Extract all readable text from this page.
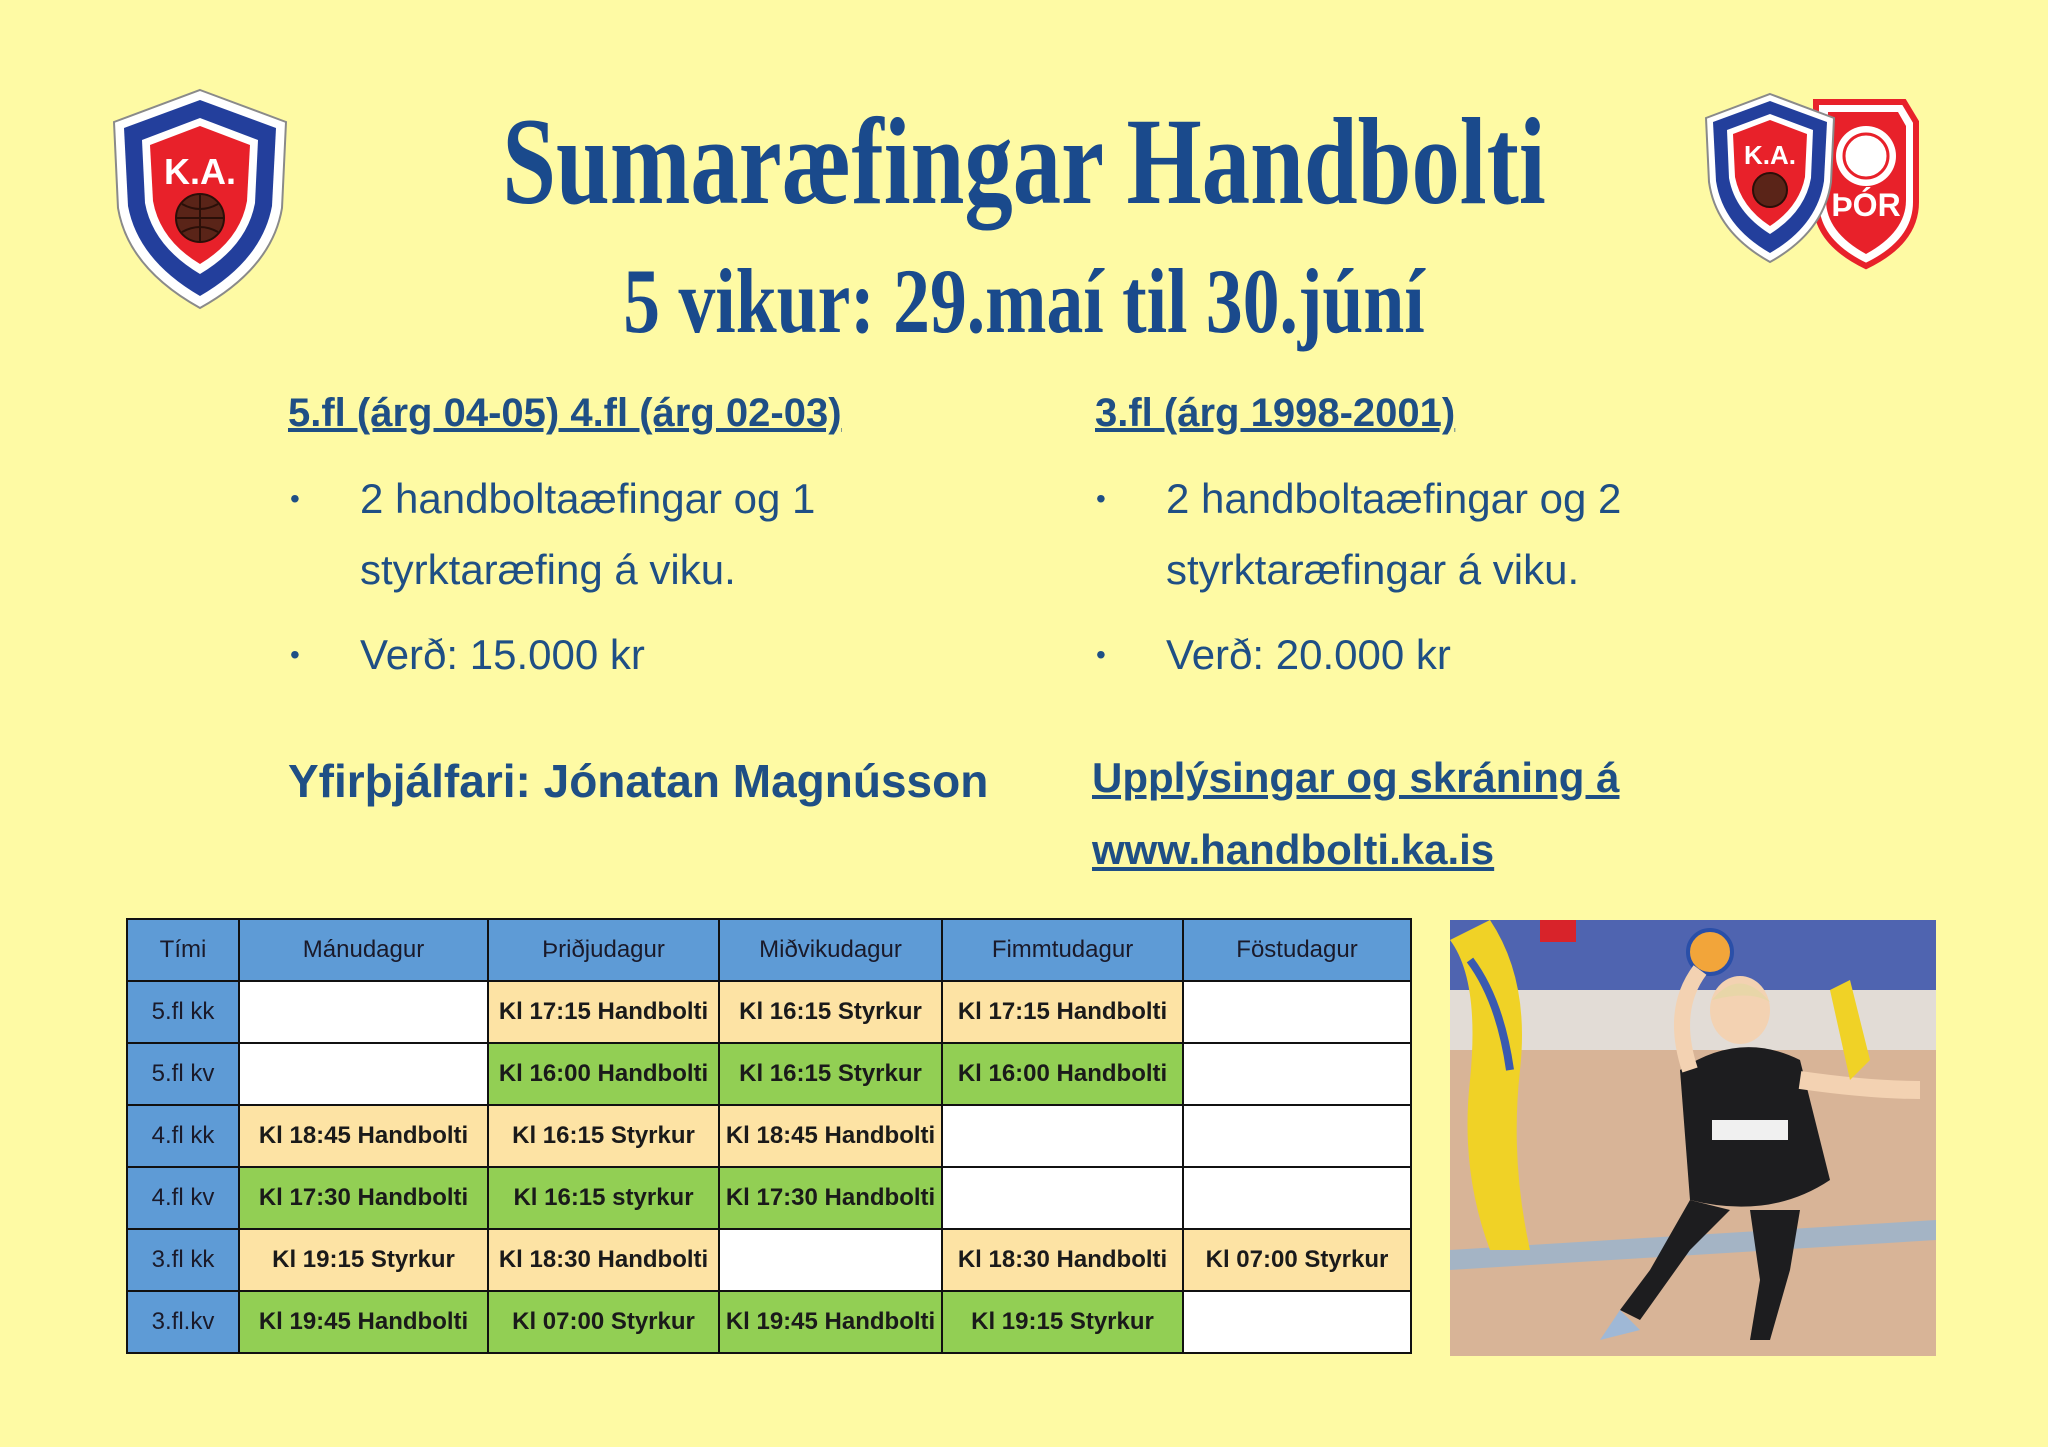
K.A.
ÞÓR
K.A.
Sumaræfingar Handbolti
5 vikur: 29.maí til 30.júní
5.fl (árg 04-05) 4.fl (árg 02-03)
• 2 handboltaæfingar og 1 styrktaræfing á viku.
• Verð: 15.000 kr
3.fl (árg 1998-2001)
• 2 handboltaæfingar og 2 styrktaræfingar á viku.
• Verð: 20.000 kr
Yfirþjálfari: Jónatan Magnússon Upplýsingar og skráning á
www.handbolti.ka.is
Tími	Mánudagur	Þriðjudagur	Miðvikudagur	Fimmtudagur	Föstudagur
5.fl kk		Kl 17:15 Handbolti	Kl 16:15 Styrkur	Kl 17:15 Handbolti	
5.fl kv		Kl 16:00 Handbolti	Kl 16:15 Styrkur	Kl 16:00 Handbolti	
4.fl kk	Kl 18:45 Handbolti	Kl 16:15 Styrkur	Kl 18:45 Handbolti		
4.fl kv	Kl 17:30 Handbolti	Kl 16:15 styrkur	Kl 17:30 Handbolti		
3.fl kk	Kl 19:15 Styrkur	Kl 18:30 Handbolti		Kl 18:30 Handbolti	Kl 07:00 Styrkur
3.fl.kv	Kl 19:45 Handbolti	Kl 07:00 Styrkur	Kl 19:45 Handbolti	Kl 19:15 Styrkur	
